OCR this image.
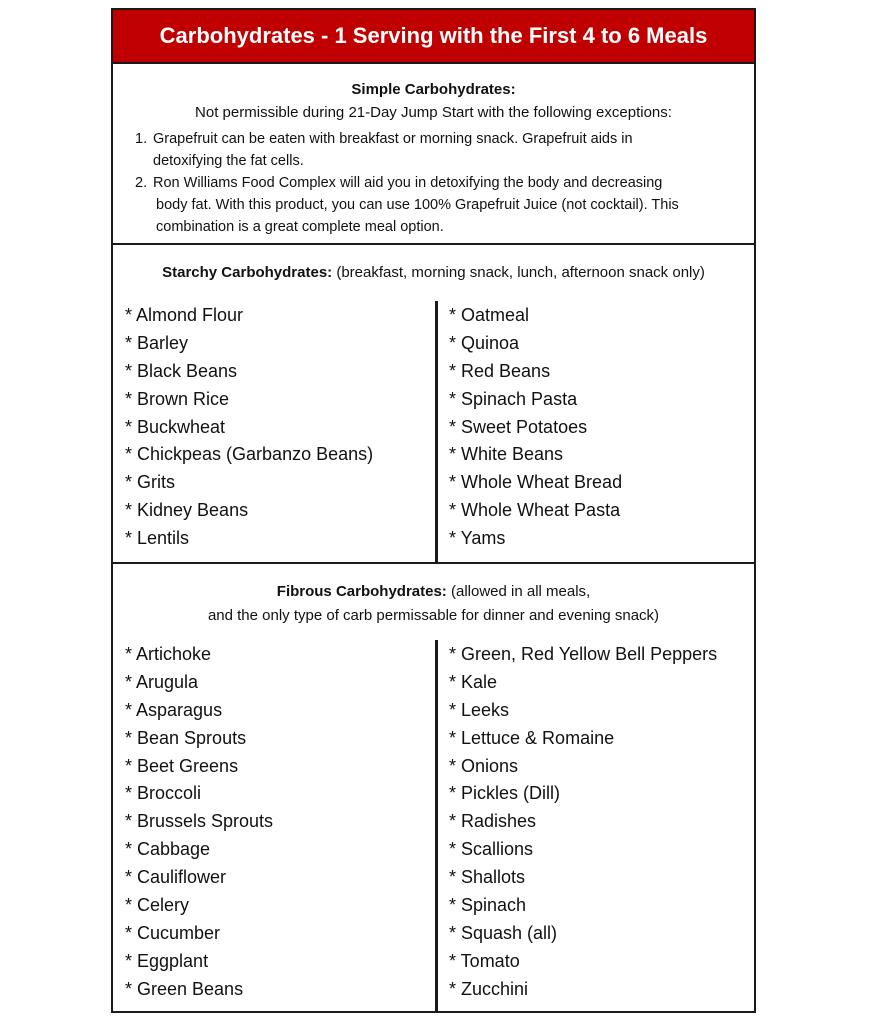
Carbohydrates - 1 Serving with the First 4 to 6 Meals
Simple Carbohydrates:
Not permissible during 21-Day Jump Start with the following exceptions:
1. Grapefruit can be eaten with breakfast or morning snack. Grapefruit aids in
detoxifying the fat cells.
2. Ron Williams Food Complex will aid you in detoxifying the body and decreasing
body fat. With this product, you can use 100% Grapefruit Juice (not cocktail). This
combination is a great complete meal option.
Starchy Carbohydrates: (breakfast, morning snack, lunch, afternoon snack only)
* Almond Flour
* Barley
* Black Beans
* Brown Rice
* Buckwheat
* Chickpeas (Garbanzo Beans)
* Grits
* Kidney Beans
* Lentils
* Oatmeal
* Quinoa
* Red Beans
* Spinach Pasta
* Sweet Potatoes
* White Beans
* Whole Wheat Bread
* Whole Wheat Pasta
* Yams
Fibrous Carbohydrates: (allowed in all meals,
and the only type of carb permissable for dinner and evening snack)
* Artichoke
* Arugula
* Asparagus
* Bean Sprouts
* Beet Greens
* Broccoli
* Brussels Sprouts
* Cabbage
* Cauliflower
* Celery
* Cucumber
* Eggplant
* Green Beans
* Green, Red Yellow Bell Peppers
* Kale
* Leeks
* Lettuce & Romaine
* Onions
* Pickles (Dill)
* Radishes
* Scallions
* Shallots
* Spinach
* Squash (all)
* Tomato
* Zucchini
